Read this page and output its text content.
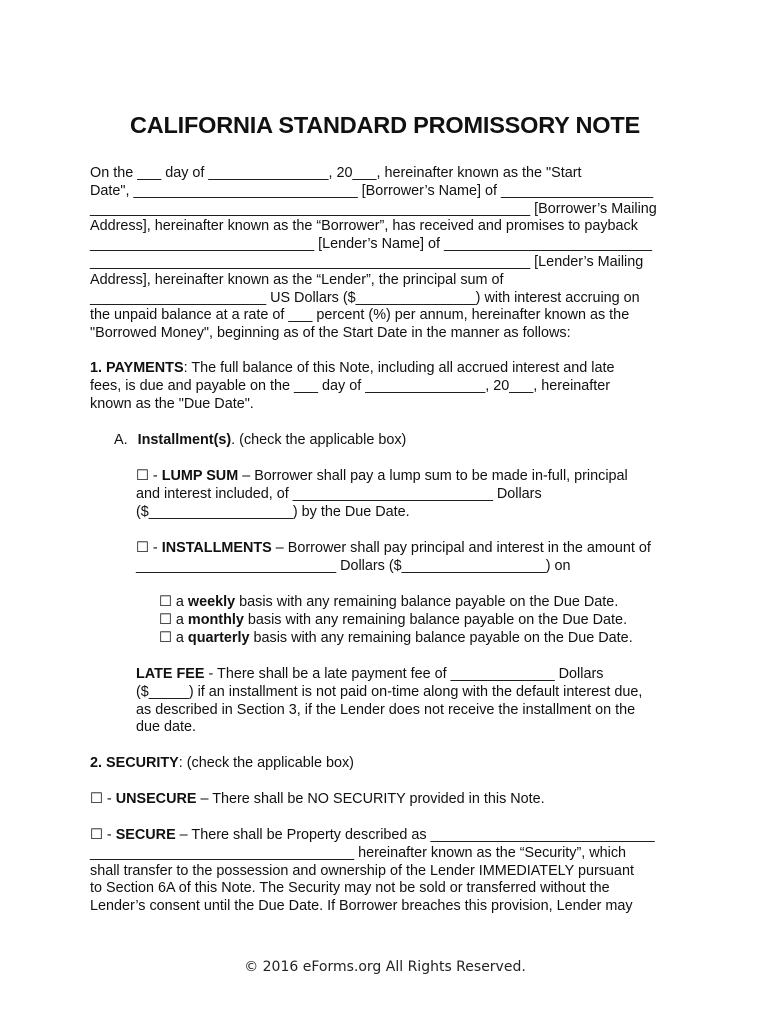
CALIFORNIA STANDARD PROMISSORY NOTE
On the ___ day of _______________, 20___, hereinafter known as the "Start
Date", ____________________________ [Borrower’s Name] of ___________________
_______________________________________________________ [Borrower’s Mailing
Address], hereinafter known as the “Borrower”, has received and promises to payback
____________________________ [Lender’s Name] of __________________________
_______________________________________________________ [Lender’s Mailing
Address], hereinafter known as the “Lender”, the principal sum of
______________________ US Dollars ($_______________) with interest accruing on
the unpaid balance at a rate of ___ percent (%) per annum, hereinafter known as the
"Borrowed Money", beginning as of the Start Date in the manner as follows:
1. PAYMENTS: The full balance of this Note, including all accrued interest and late
fees, is due and payable on the ___ day of _______________, 20___, hereinafter
known as the "Due Date".
A. Installment(s). (check the applicable box)
☐ - LUMP SUM – Borrower shall pay a lump sum to be made in-full, principal
and interest included, of _________________________ Dollars
($__________________) by the Due Date.
☐ - INSTALLMENTS – Borrower shall pay principal and interest in the amount of
_________________________ Dollars ($__________________) on
☐ a weekly basis with any remaining balance payable on the Due Date.
☐ a monthly basis with any remaining balance payable on the Due Date.
☐ a quarterly basis with any remaining balance payable on the Due Date.
LATE FEE - There shall be a late payment fee of _____________ Dollars
($_____) if an installment is not paid on-time along with the default interest due,
as described in Section 3, if the Lender does not receive the installment on the
due date.
2. SECURITY: (check the applicable box)
☐ - UNSECURE – There shall be NO SECURITY provided in this Note.
☐ - SECURE – There shall be Property described as ____________________________
_________________________________ hereinafter known as the “Security”, which
shall transfer to the possession and ownership of the Lender IMMEDIATELY pursuant
to Section 6A of this Note. The Security may not be sold or transferred without the
Lender’s consent until the Due Date. If Borrower breaches this provision, Lender may
© 2016 eForms.org All Rights Reserved.
